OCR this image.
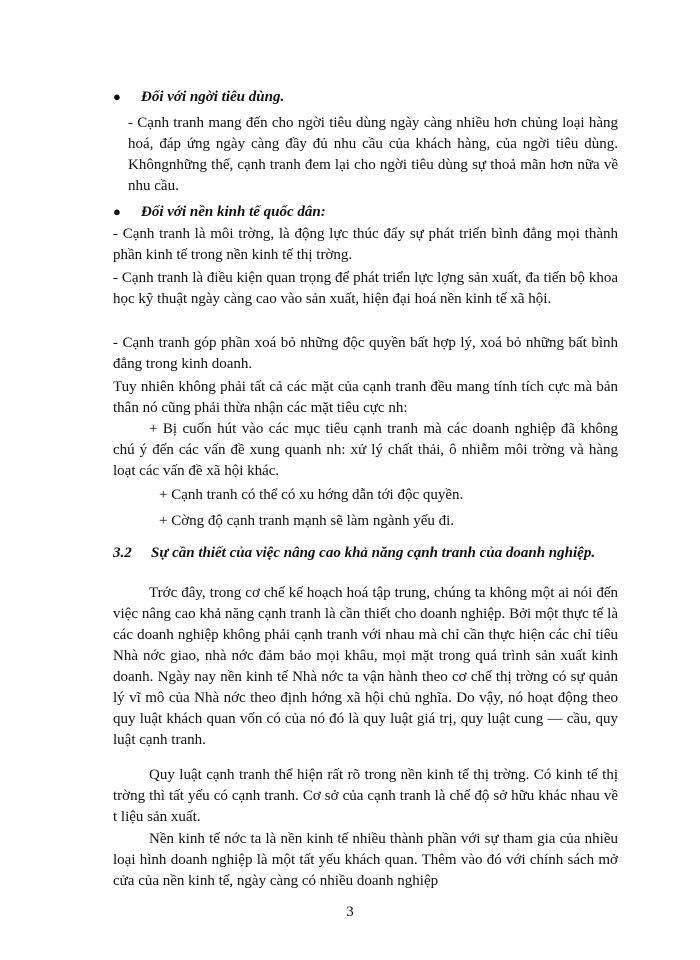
● Đối với ngời tiêu dùng.
- Cạnh tranh mang đến cho ngời tiêu dùng ngày càng nhiều hơn chủng loại hàng hoá, đáp ứng ngày càng đầy đủ nhu cầu của khách hàng, của ngời tiêu dùng. Khôngnhững thế, cạnh tranh đem lại cho ngời tiêu dùng sự thoả mãn hơn nữa về nhu cầu.
● Đối với nền kinh tế quốc dân:
- Cạnh tranh là môi trờng, là động lực thúc đẩy sự phát triển bình đẳng mọi thành phần kinh tế trong nền kinh tế thị trờng.
- Cạnh tranh là điều kiện quan trọng để phát triển lực lợng sản xuất, đa tiến bộ khoa học kỹ thuật ngày càng cao vào sản xuất, hiện đại hoá nền kinh tế xã hội.
- Cạnh tranh góp phần xoá bỏ những độc quyền bất hợp lý, xoá bỏ những bất bình đẳng trong kinh doanh.
Tuy nhiên không phải tất cả các mặt của cạnh tranh đều mang tính tích cực mà bản thân nó cũng phải thừa nhận các mặt tiêu cực nh:
+ Bị cuốn hút vào các mục tiêu cạnh tranh mà các doanh nghiệp đã không chú ý đến các vấn đề xung quanh nh: xử lý chất thải, ô nhiễm môi trờng và hàng loạt các vấn đề xã hội khác.
+ Cạnh tranh có thể có xu hớng dẫn tới độc quyền.
+ Cờng độ cạnh tranh mạnh sẽ làm ngành yếu đi.
3.2 Sự cần thiết của việc nâng cao khả năng cạnh tranh của doanh nghiệp.
Trớc đây, trong cơ chế kế hoạch hoá tập trung, chúng ta không một ai nói đến việc nâng cao khả năng cạnh tranh là cần thiết cho doanh nghiệp. Bởi một thực tế là các doanh nghiệp không phải cạnh tranh với nhau mà chỉ cần thực hiện các chỉ tiêu Nhà nớc giao, nhà nớc đảm bảo mọi khâu, mọi mặt trong quá trình sản xuất kinh doanh. Ngày nay nền kinh tế Nhà nớc ta vận hành theo cơ chế thị trờng có sự quản lý vĩ mô của Nhà nớc theo định hớng xã hội chủ nghĩa. Do vậy, nó hoạt động theo quy luật khách quan vốn có của nó đó là quy luật giá trị, quy luật cung — cầu, quy luật cạnh tranh.
Quy luật cạnh tranh thể hiện rất rõ trong nền kinh tế thị trờng. Có kinh tế thị trờng thì tất yếu có cạnh tranh. Cơ sở của cạnh tranh là chế độ sở hữu khác nhau về t liệu sản xuất.
Nền kinh tế nớc ta là nền kinh tế nhiều thành phần với sự tham gia của nhiều loại hình doanh nghiệp là một tất yếu khách quan. Thêm vào đó với chính sách mở cửa của nền kinh tế, ngày càng có nhiều doanh nghiệp
3
